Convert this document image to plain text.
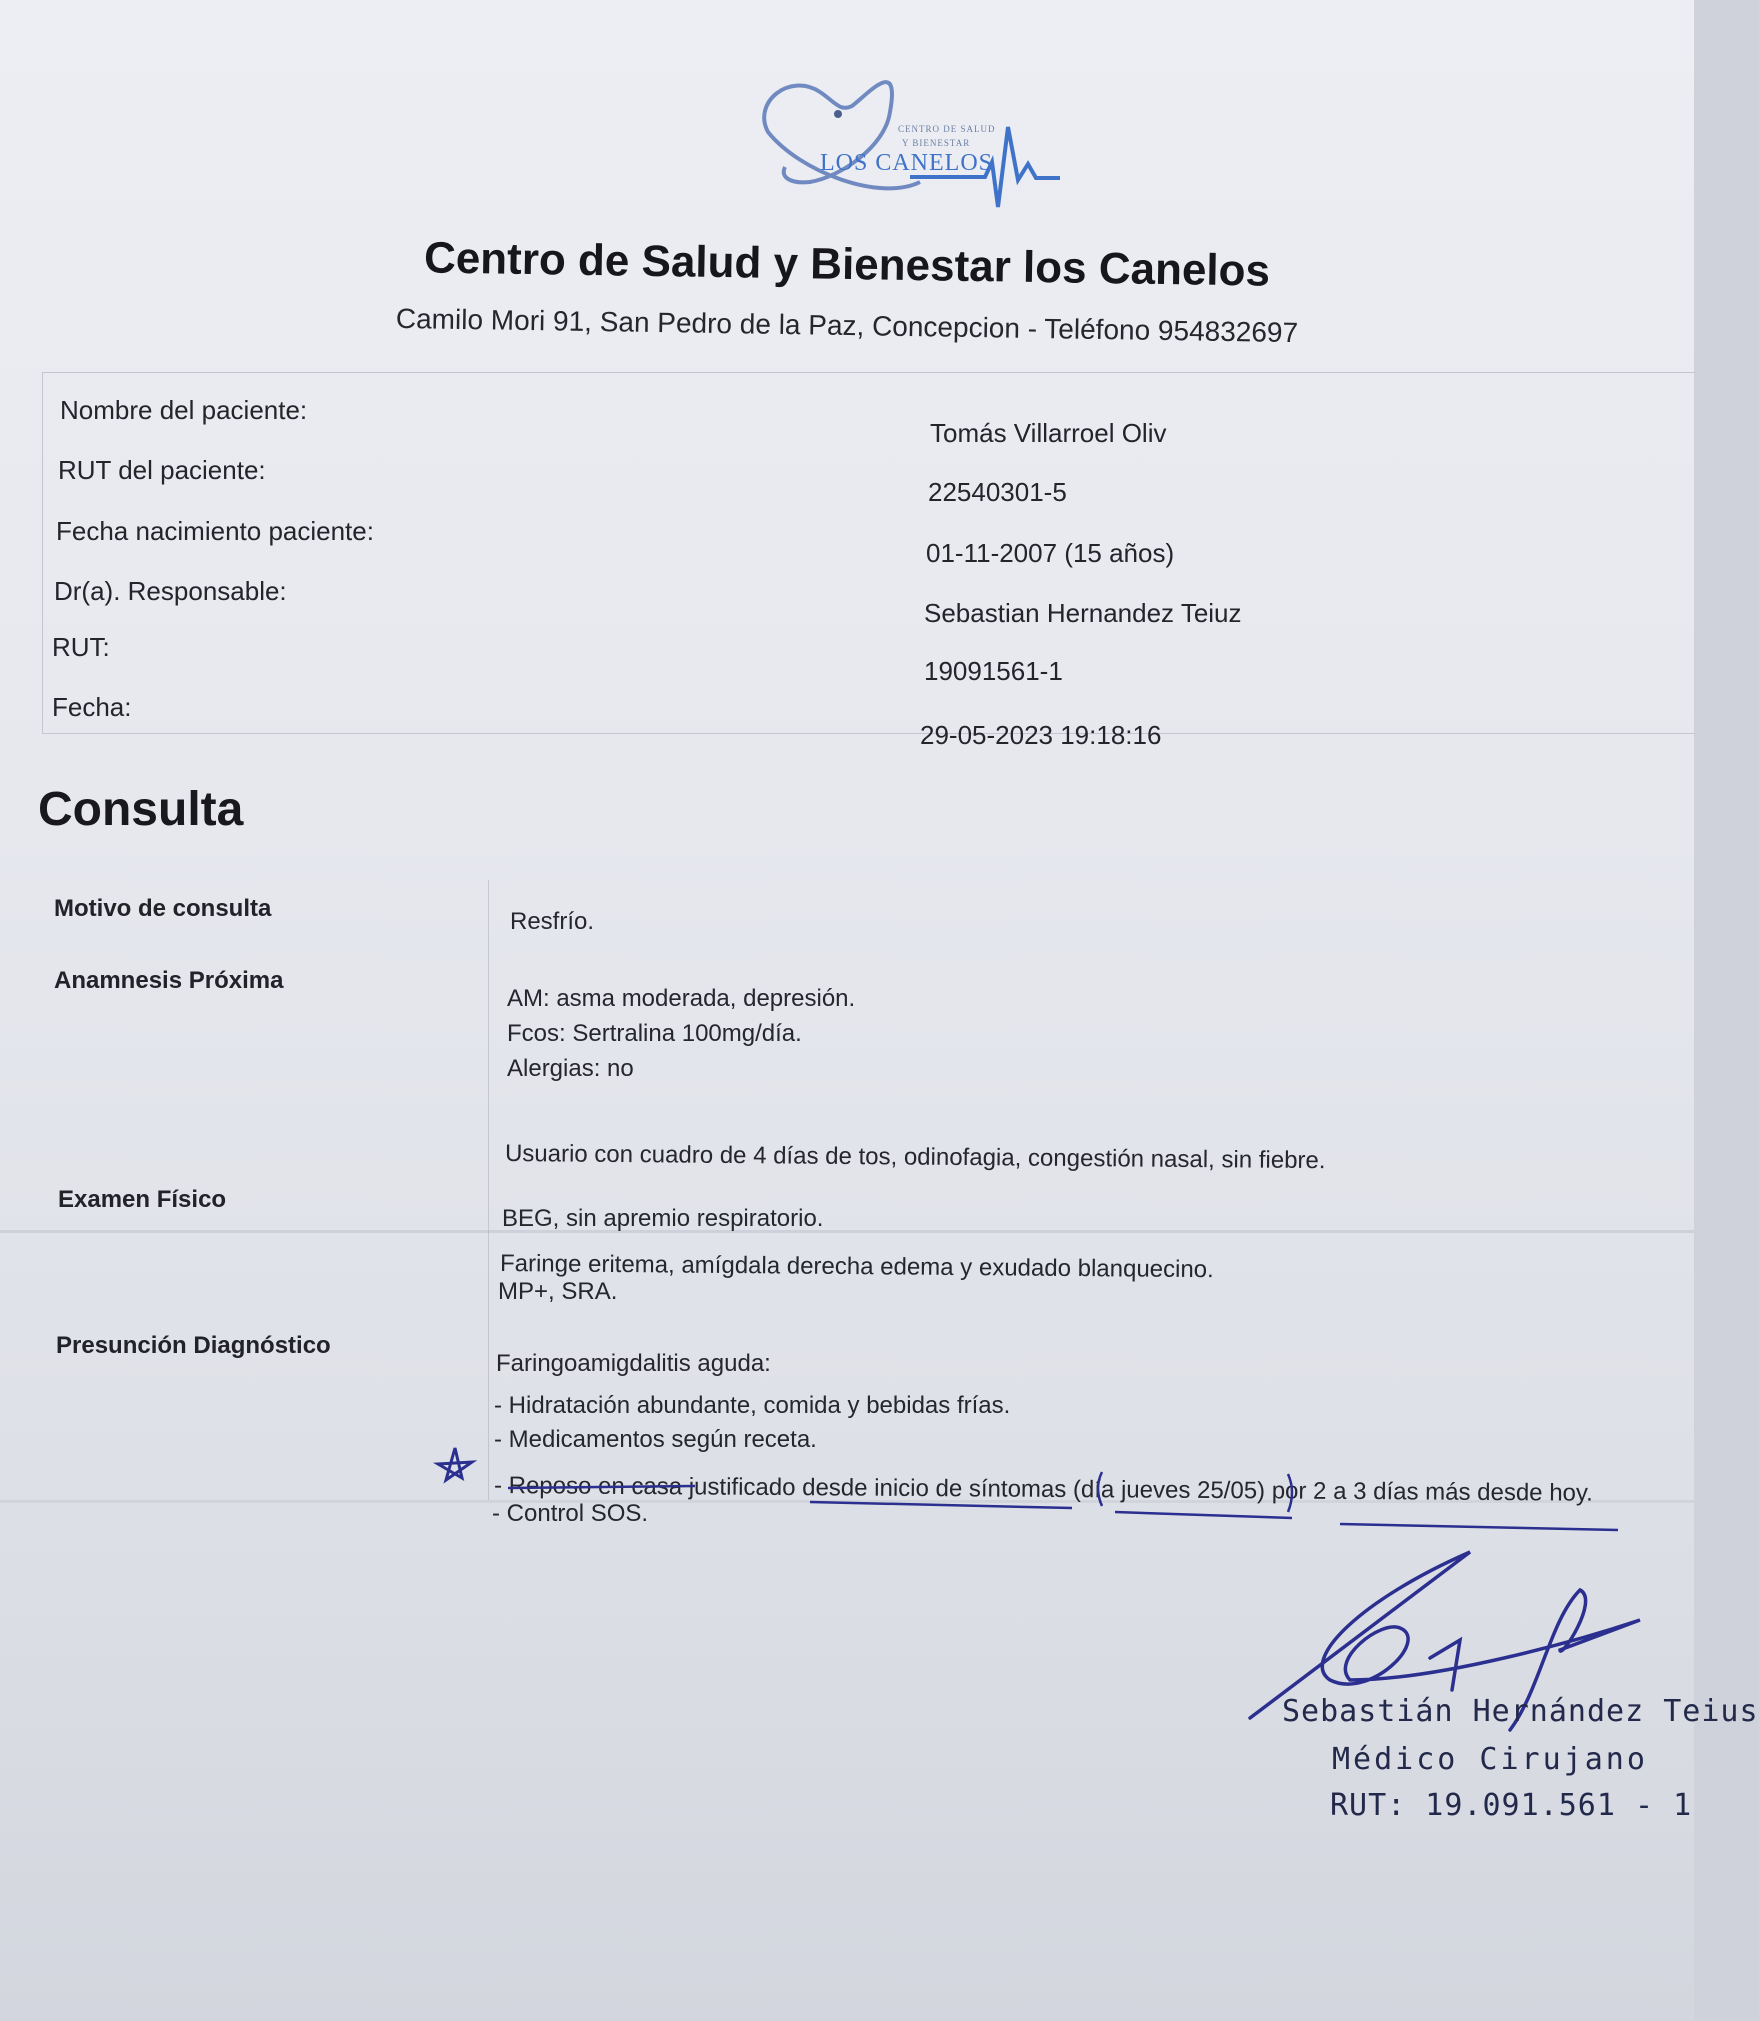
CENTRO DE SALUD
Y BIENESTAR
LOS CANELOS
Centro de Salud y Bienestar los Canelos
Camilo Mori 91, San Pedro de la Paz, Concepcion - Teléfono 954832697
Nombre del paciente:
Tomás Villarroel Oliv
RUT del paciente:
22540301-5
Fecha nacimiento paciente:
01-11-2007 (15 años)
Dr(a). Responsable:
Sebastian Hernandez Teiuz
RUT:
19091561-1
Fecha:
29-05-2023 19:18:16
Consulta
Motivo de consulta	Resfrío.
Anamnesis Próxima
AM: asma moderada, depresión.
Fcos: Sertralina 100mg/día.
Alergias: no
Usuario con cuadro de 4 días de tos, odinofagia, congestión nasal, sin fiebre.
Examen Físico
BEG, sin apremio respiratorio.
Faringe eritema, amígdala derecha edema y exudado blanquecino.
MP+, SRA.
Presunción Diagnóstico
Faringoamigdalitis aguda:
- Hidratación abundante, comida y bebidas frías.
- Medicamentos según receta.
- Reposo en casa justificado desde inicio de síntomas (día jueves 25/05) por 2 a 3 días más desde hoy.
- Control SOS.
Sebastián Hernández Teius
Médico Cirujano
RUT: 19.091.561 - 1
